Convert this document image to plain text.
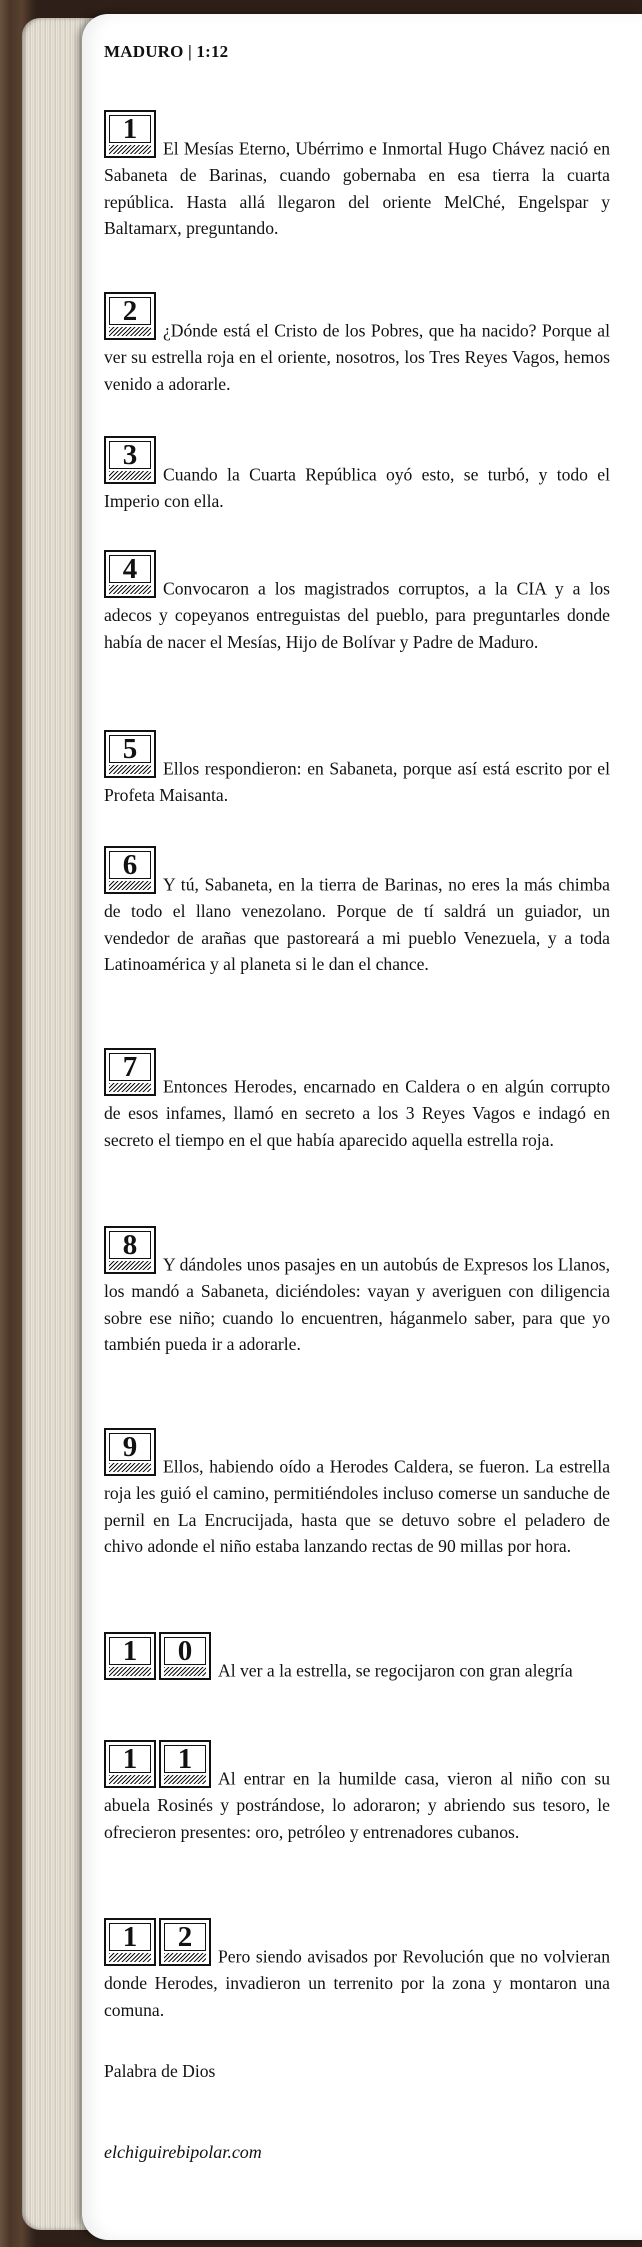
MADURO | 1:12
1
El Mesías Eterno, Ubérrimo e Inmortal Hugo Chávez nació en Sabaneta de Barinas, cuando gobernaba en esa tierra la cuarta república. Hasta allá llegaron del oriente MelChé, Engelspar y Baltamarx, preguntando.
2
¿Dónde está el Cristo de los Pobres, que ha nacido? Porque al ver su estrella roja en el oriente, nosotros, los Tres Reyes Vagos, hemos venido a adorarle.
3
Cuando la Cuarta República oyó esto, se turbó, y todo el Imperio con ella.
4
Convocaron a los magistrados corruptos, a la CIA y a los adecos y copeyanos entreguistas del pueblo, para preguntarles donde había de nacer el Mesías, Hijo de Bolívar y Padre de Maduro.
5
Ellos respondieron: en Sabaneta, porque así está escrito por el Profeta Maisanta.
6
Y tú, Sabaneta, en la tierra de Barinas, no eres la más chimba de todo el llano venezolano. Porque de tí saldrá un guiador, un vendedor de arañas que pastoreará a mi pueblo Venezuela, y a toda Latinoamérica y al planeta si le dan el chance.
7
Entonces Herodes, encarnado en Caldera o en algún corrupto de esos infames, llamó en secreto a los 3 Reyes Vagos e indagó en secreto el tiempo en el que había aparecido aquella estrella roja.
8
Y dándoles unos pasajes en un autobús de Expresos los Llanos, los mandó a Sabaneta, diciéndoles: vayan y averiguen con diligencia sobre ese niño; cuando lo encuentren, háganmelo saber, para que yo también pueda ir a adorarle.
9
Ellos, habiendo oído a Herodes Caldera, se fueron. La estrella roja les guió el camino, permitiéndoles incluso comerse un sanduche de pernil en La Encrucijada, hasta que se detuvo sobre el peladero de chivo adonde el niño estaba lanzando rectas de 90 millas por hora.
1	0
Al ver a la estrella, se regocijaron con gran alegría
1	1
Al entrar en la humilde casa, vieron al niño con su abuela Rosinés y postrándose, lo adoraron; y abriendo sus tesoro, le ofrecieron presentes: oro, petróleo y entrenadores cubanos.
1	2
Pero siendo avisados por Revolución que no volvieran donde Herodes, invadieron un terrenito por la zona y montaron una comuna.
Palabra de Dios
elchiguirebipolar.com
